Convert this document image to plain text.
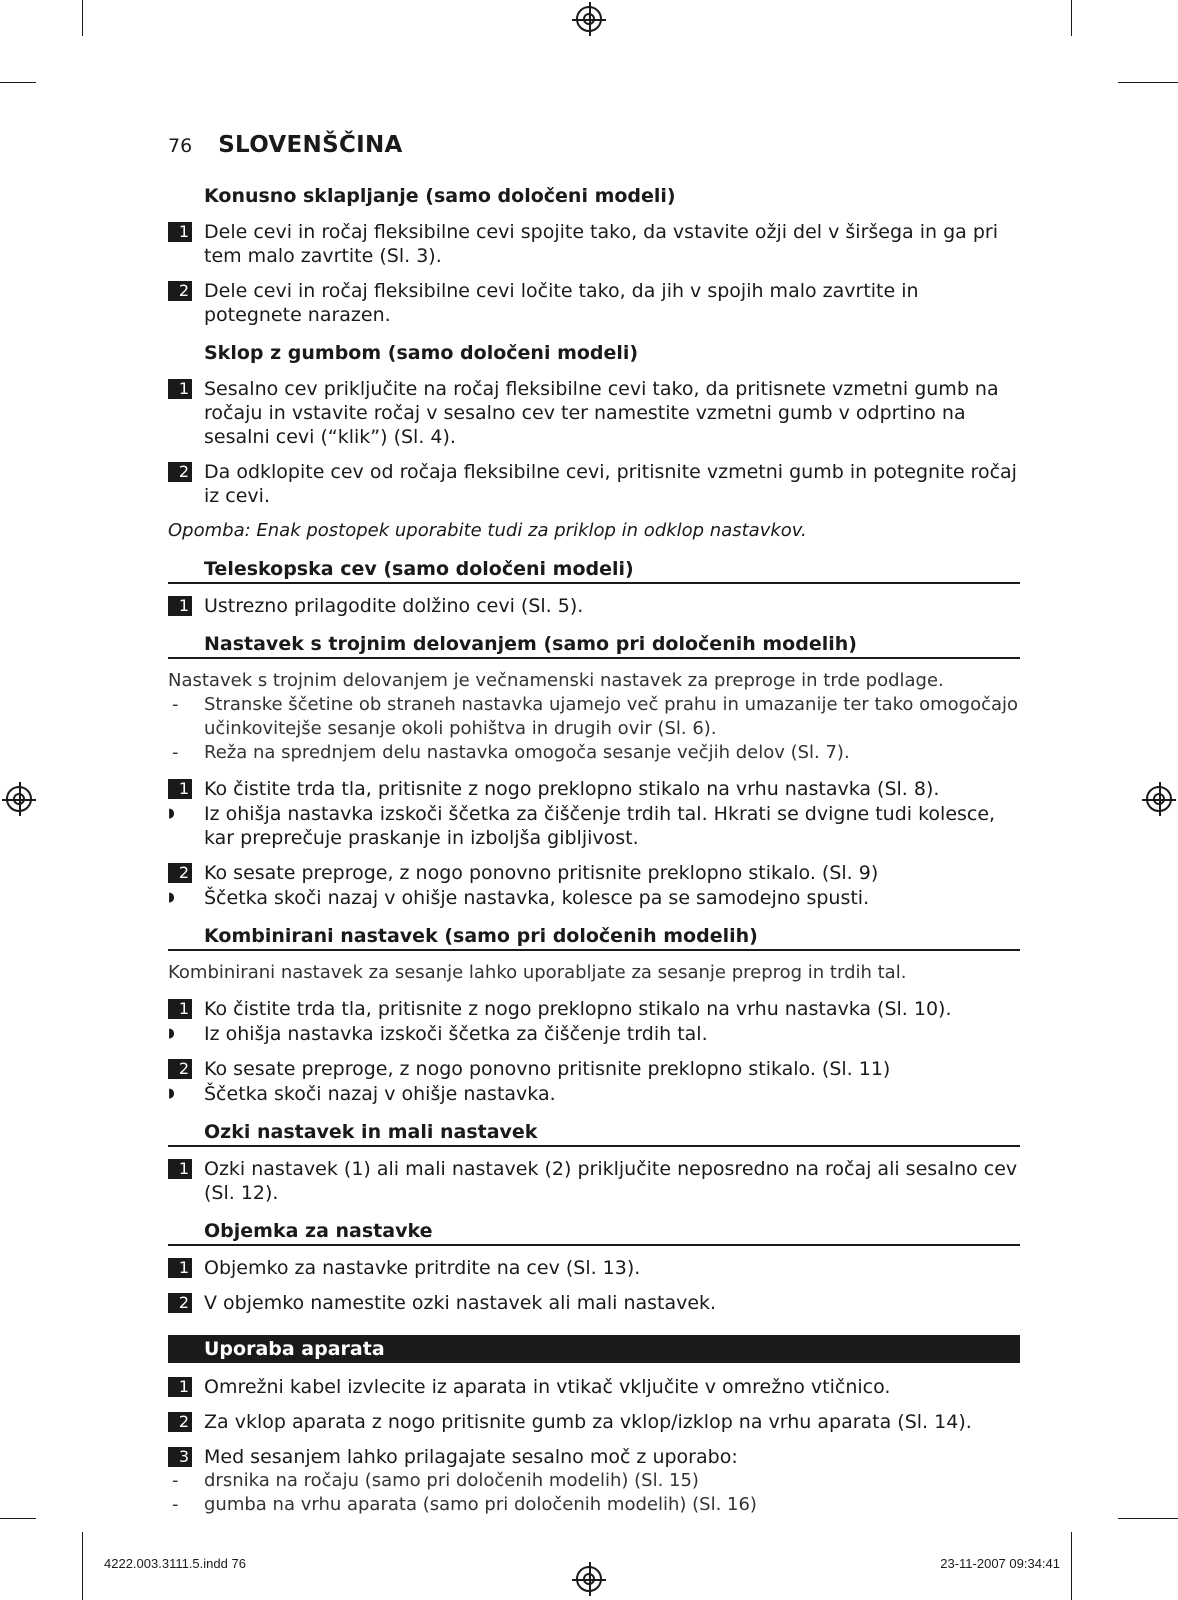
76 SLOVENŠČINA
Konusno sklapljanje (samo določeni modeli)
1 Dele cevi in ročaj fleksibilne cevi spojite tako, da vstavite ožji del v širšega in ga pri tem malo zavrtite (Sl. 3).
2 Dele cevi in ročaj fleksibilne cevi ločite tako, da jih v spojih malo zavrtite in potegnete narazen.
Sklop z gumbom (samo določeni modeli)
1 Sesalno cev priključite na ročaj fleksibilne cevi tako, da pritisnete vzmetni gumb na ročaju in vstavite ročaj v sesalno cev ter namestite vzmetni gumb v odprtino na sesalni cevi (“klik”) (Sl. 4).
2 Da odklopite cev od ročaja fleksibilne cevi, pritisnite vzmetni gumb in potegnite ročaj iz cevi.
Opomba: Enak postopek uporabite tudi za priklop in odklop nastavkov.
Teleskopska cev (samo določeni modeli)
1 Ustrezno prilagodite dolžino cevi (Sl. 5).
Nastavek s trojnim delovanjem (samo pri določenih modelih)
Nastavek s trojnim delovanjem je večnamenski nastavek za preproge in trde podlage.
- Stranske ščetine ob straneh nastavka ujamejo več prahu in umazanije ter tako omogočajo učinkovitejše sesanje okoli pohištva in drugih ovir (Sl. 6).
- Reža na sprednjem delu nastavka omogoča sesanje večjih delov (Sl. 7).
1 Ko čistite trda tla, pritisnite z nogo preklopno stikalo na vrhu nastavka (Sl. 8).
◗ Iz ohišja nastavka izskoči ščetka za čiščenje trdih tal. Hkrati se dvigne tudi kolesce, kar preprečuje praskanje in izboljša gibljivost.
2 Ko sesate preproge, z nogo ponovno pritisnite preklopno stikalo. (Sl. 9)
◗ Ščetka skoči nazaj v ohišje nastavka, kolesce pa se samodejno spusti.
Kombinirani nastavek (samo pri določenih modelih)
Kombinirani nastavek za sesanje lahko uporabljate za sesanje preprog in trdih tal.
1 Ko čistite trda tla, pritisnite z nogo preklopno stikalo na vrhu nastavka (Sl. 10).
◗ Iz ohišja nastavka izskoči ščetka za čiščenje trdih tal.
2 Ko sesate preproge, z nogo ponovno pritisnite preklopno stikalo. (Sl. 11)
◗ Ščetka skoči nazaj v ohišje nastavka.
Ozki nastavek in mali nastavek
1 Ozki nastavek (1) ali mali nastavek (2) priključite neposredno na ročaj ali sesalno cev (Sl. 12).
Objemka za nastavke
1 Objemko za nastavke pritrdite na cev (Sl. 13).
2 V objemko namestite ozki nastavek ali mali nastavek.
Uporaba aparata
1 Omrežni kabel izvlecite iz aparata in vtikač vključite v omrežno vtičnico.
2 Za vklop aparata z nogo pritisnite gumb za vklop/izklop na vrhu aparata (Sl. 14).
3 Med sesanjem lahko prilagajate sesalno moč z uporabo:
- drsnika na ročaju (samo pri določenih modelih) (Sl. 15)
- gumba na vrhu aparata (samo pri določenih modelih) (Sl. 16)
4222.003.3111.5.indd 76	23-11-2007 09:34:41
